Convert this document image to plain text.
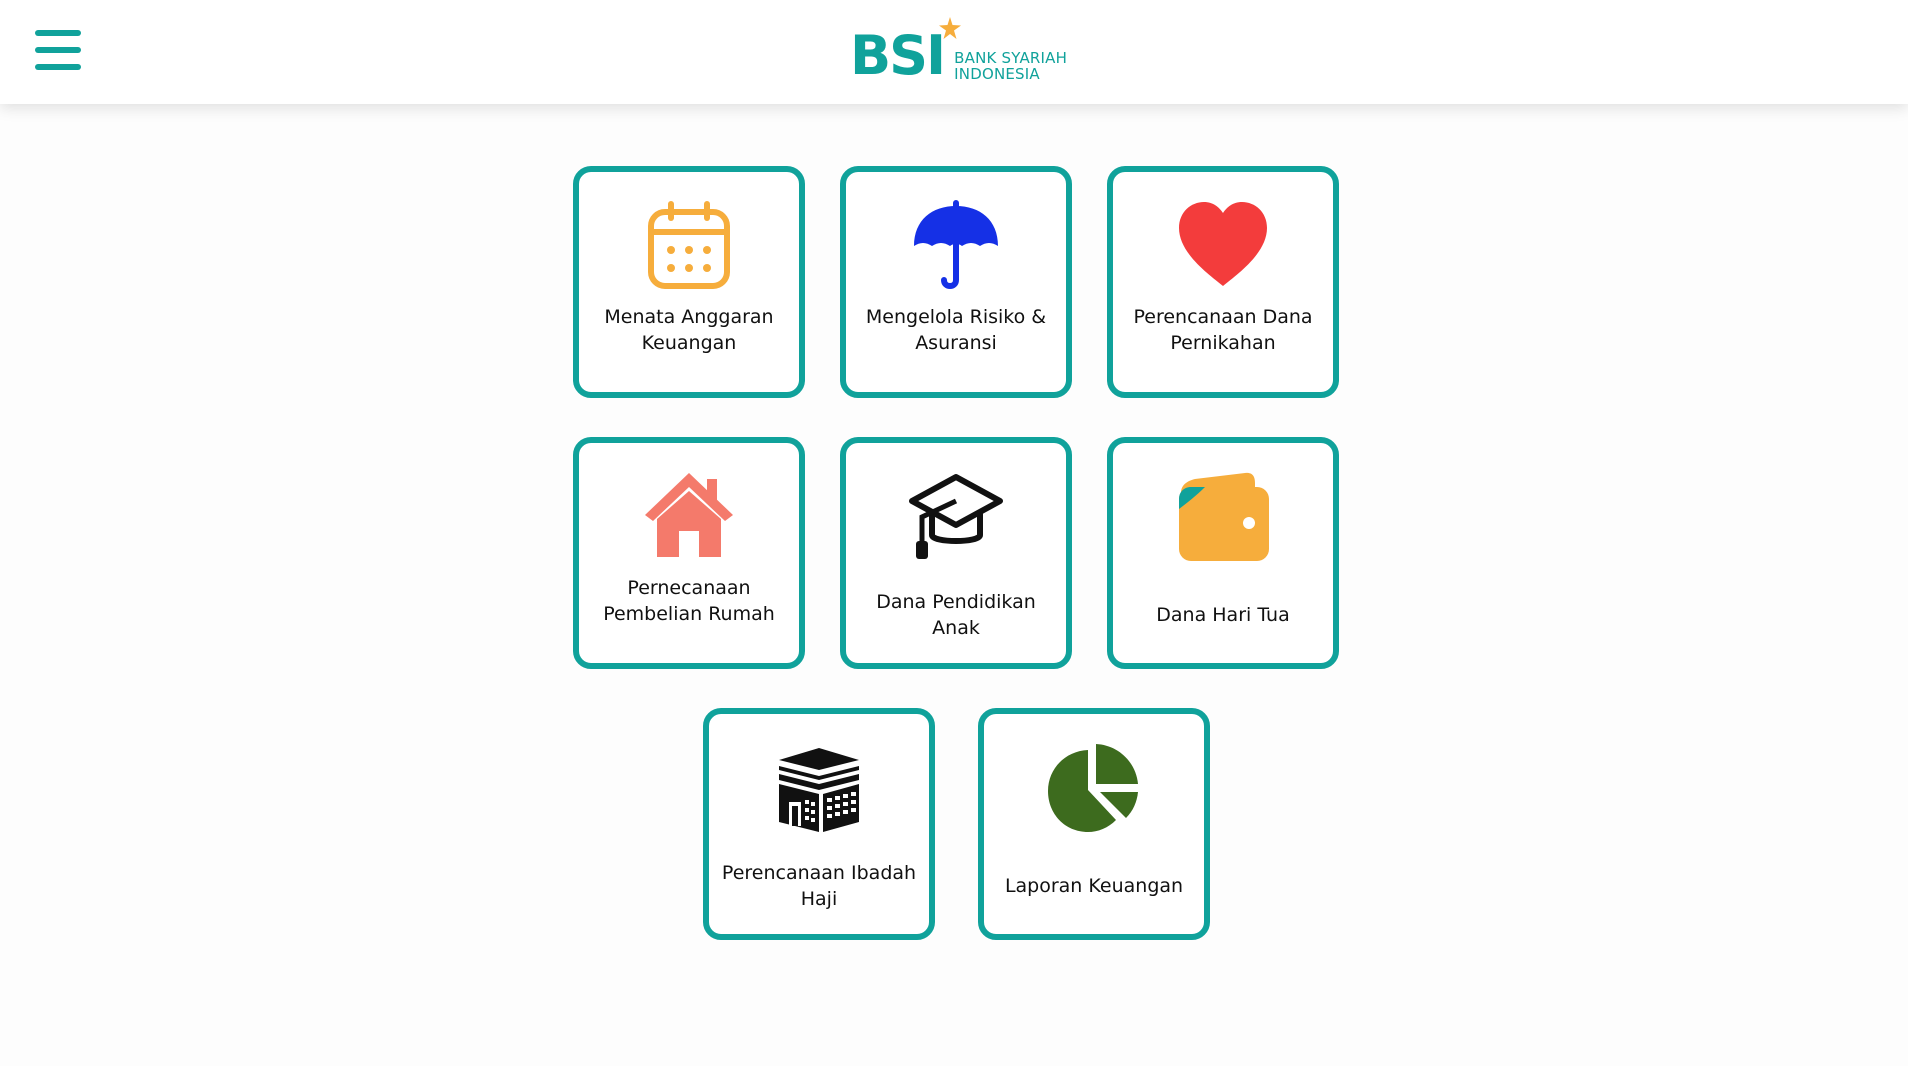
BSI BANK SYARIAH
INDONESIA
Menata Anggaran Keuangan
Mengelola Risiko & Asuransi
Perencanaan Dana Pernikahan
Pernecanaan Pembelian Rumah
Dana Pendidikan Anak
Dana Hari Tua
Perencanaan Ibadah Haji
Laporan Keuangan
